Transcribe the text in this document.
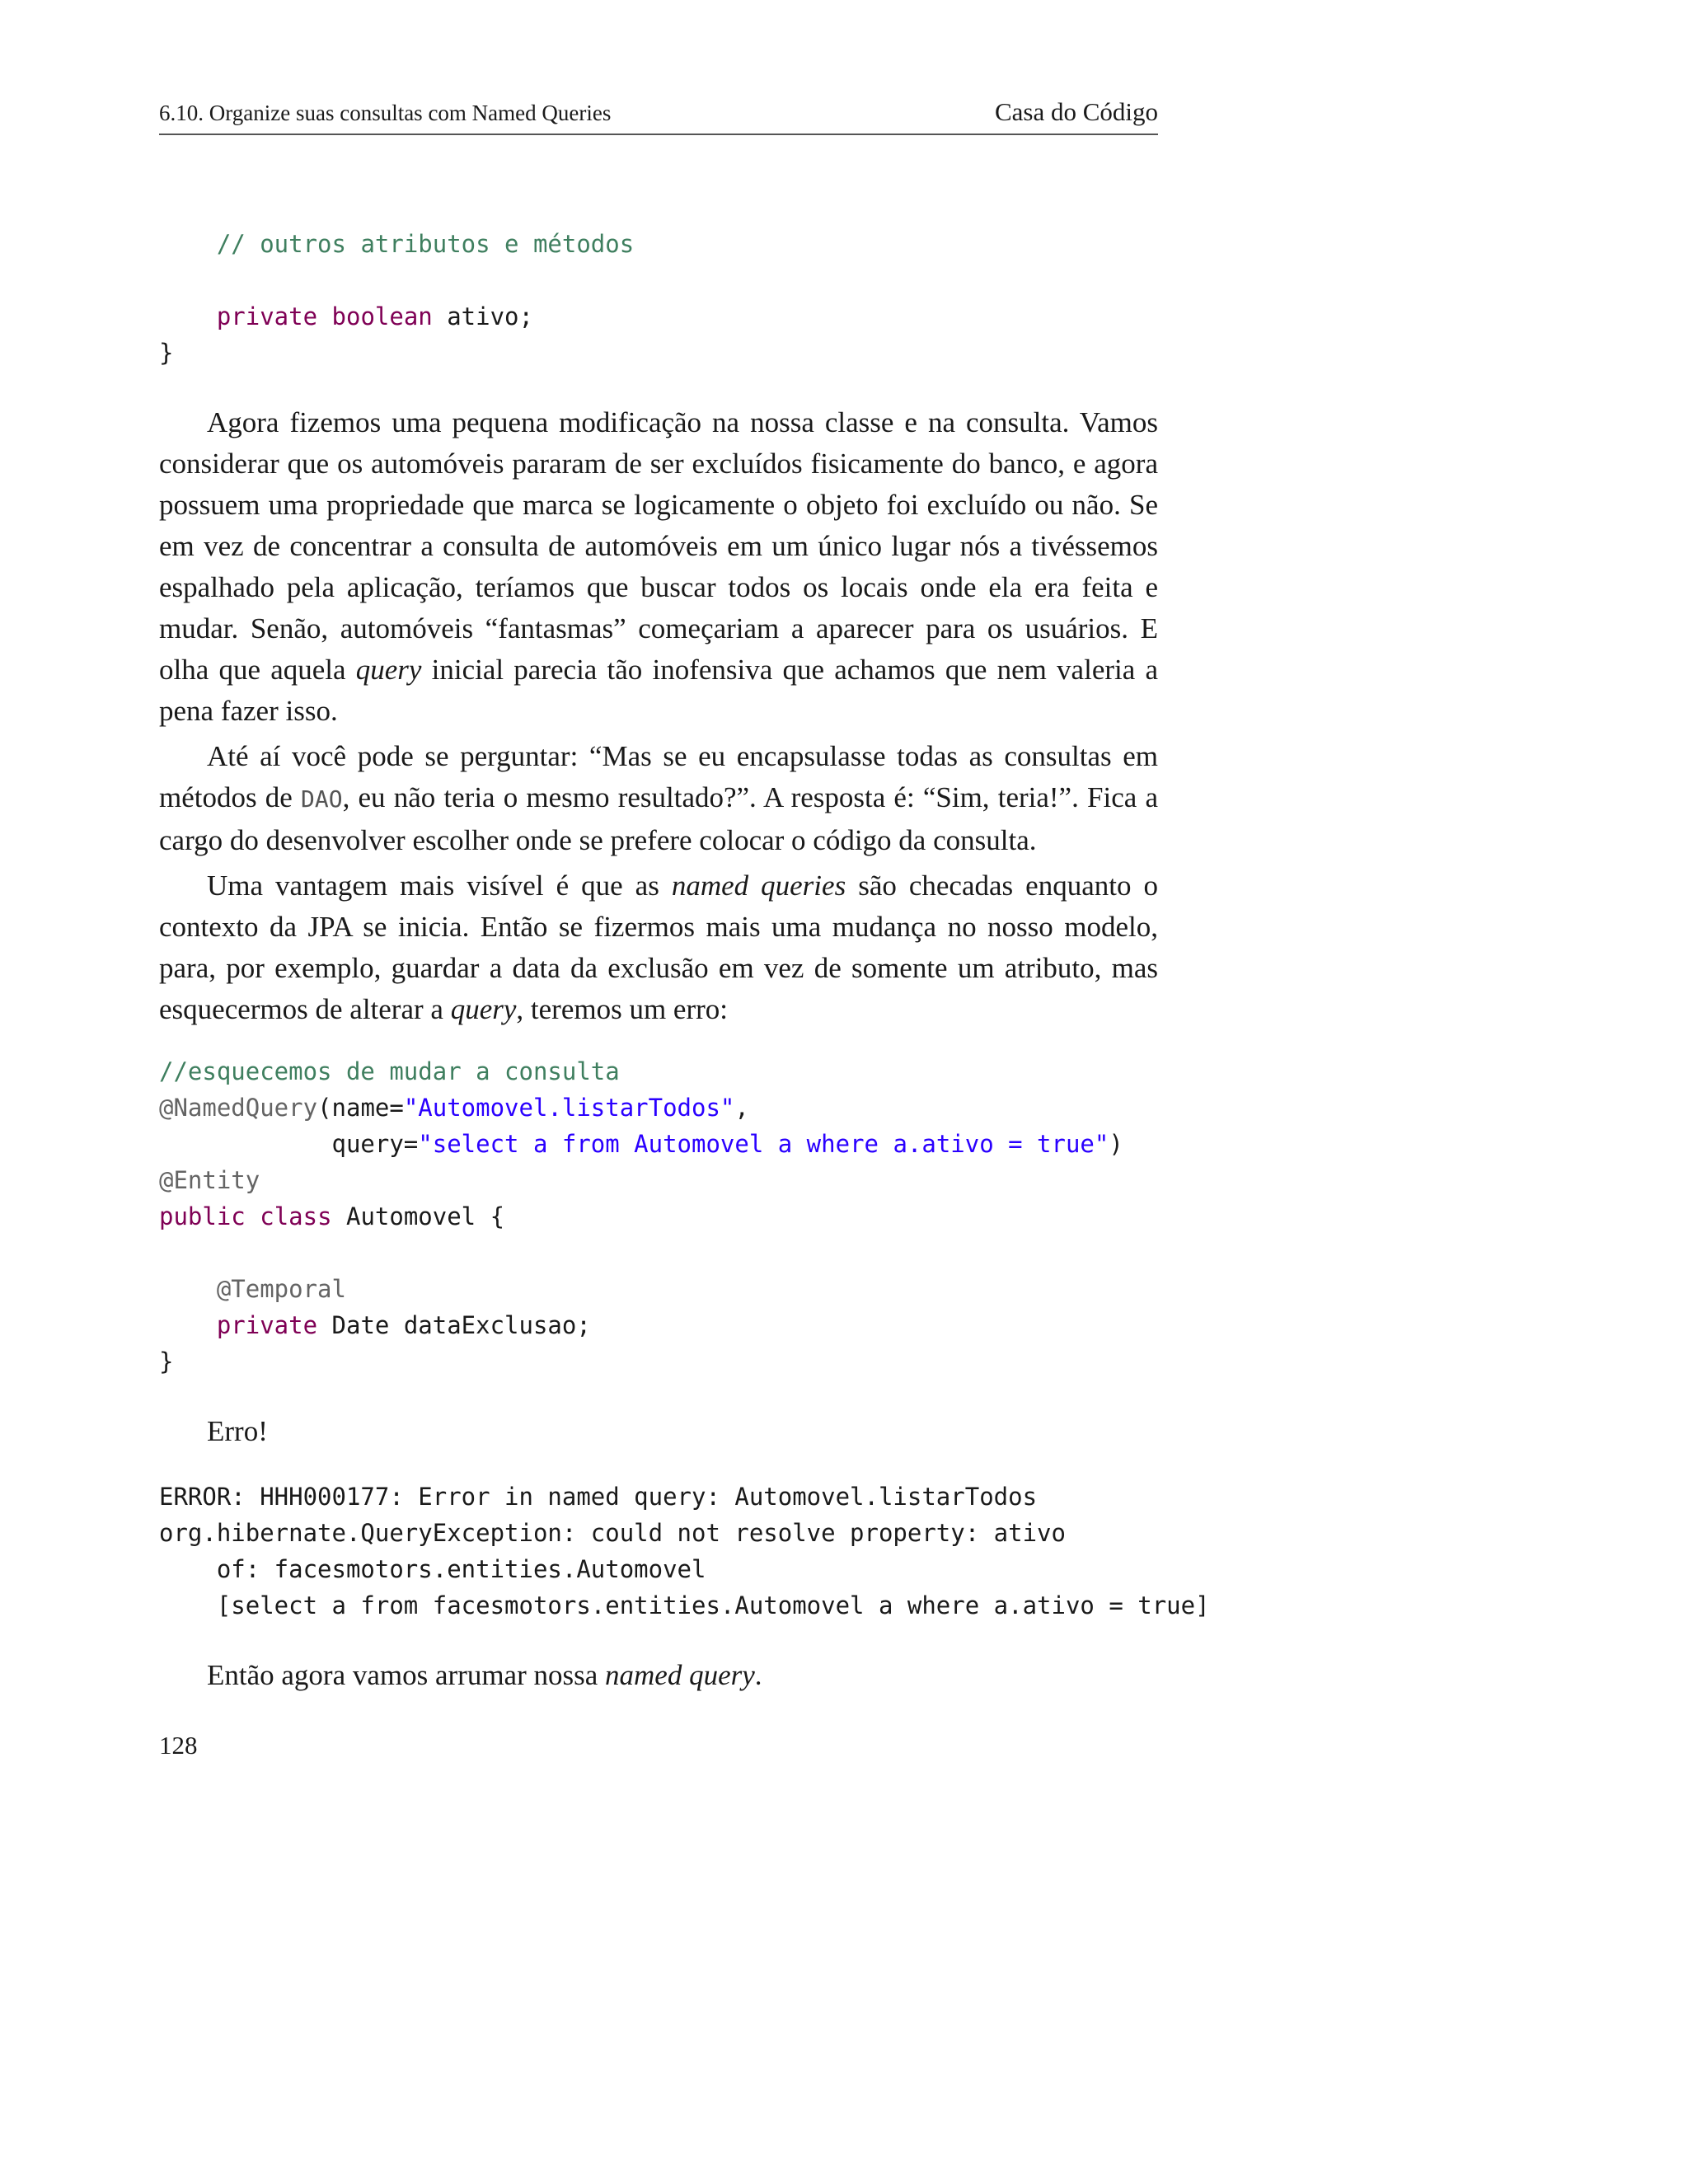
6.10. Organize suas consultas com Named Queries	Casa do Código
// outros atributos e métodos

private boolean ativo;
}

Agora fizemos uma pequena modificação na nossa classe e na consulta. Vamos considerar que os automóveis pararam de ser excluídos fisicamente do banco, e agora possuem uma propriedade que marca se logicamente o objeto foi excluído ou não. Se em vez de concentrar a consulta de automóveis em um único lugar nós a tivéssemos espalhado pela aplicação, teríamos que buscar todos os locais onde ela era feita e mudar. Senão, automóveis “fantasmas” começariam a aparecer para os usuários. E olha que aquela query inicial parecia tão inofensiva que achamos que nem valeria a pena fazer isso.

Até aí você pode se perguntar: “Mas se eu encapsulasse todas as consultas em métodos de DAO, eu não teria o mesmo resultado?”. A resposta é: “Sim, teria!”. Fica a cargo do desenvolver escolher onde se prefere colocar o código da consulta.

Uma vantagem mais visível é que as named queries são checadas enquanto o contexto da JPA se inicia. Então se fizermos mais uma mudança no nosso modelo, para, por exemplo, guardar a data da exclusão em vez de somente um atributo, mas esquecermos de alterar a query, teremos um erro:

//esquecemos de mudar a consulta
@NamedQuery(name="Automovel.listarTodos",
query="select a from Automovel a where a.ativo = true")
@Entity
public class Automovel {

@Temporal
private Date dataExclusao;
}

Erro!

ERROR: HHH000177: Error in named query: Automovel.listarTodos
org.hibernate.QueryException: could not resolve property: ativo
of: facesmotors.entities.Automovel
[select a from facesmotors.entities.Automovel a where a.ativo = true]

Então agora vamos arrumar nossa named query.

128
